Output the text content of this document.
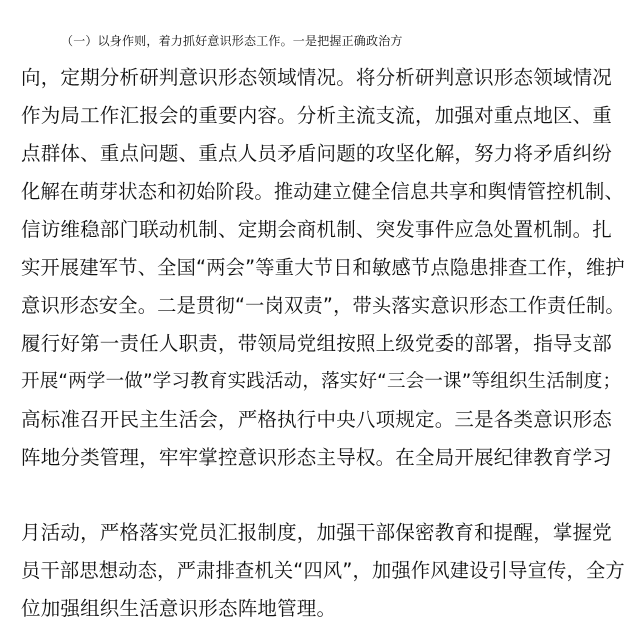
（一）以身作则，着力抓好意识形态工作。一是把握正确政治方
向，定期分析研判意识形态领域情况。将分析研判意识形态领域情况
作为局工作汇报会的重要内容。分析主流支流，加强对重点地区、重
点群体、重点问题、重点人员矛盾问题的攻坚化解，努力将矛盾纠纷
化解在萌芽状态和初始阶段。推动建立健全信息共享和舆情管控机制、
信访维稳部门联动机制、定期会商机制、突发事件应急处置机制。扎
实开展建军节、全国“两会”等重大节日和敏感节点隐患排查工作，维护
意识形态安全。二是贯彻“一岗双责”，带头落实意识形态工作责任制。
履行好第一责任人职责，带领局党组按照上级党委的部署，指导支部
开展“两学一做”学习教育实践活动，落实好“三会一课”等组织生活制度；
高标准召开民主生活会，严格执行中央八项规定。三是各类意识形态
阵地分类管理，牢牢掌控意识形态主导权。在全局开展纪律教育学习
月活动，严格落实党员汇报制度，加强干部保密教育和提醒，掌握党
员干部思想动态，严肃排查机关“四风”，加强作风建设引导宣传，全方
位加强组织生活意识形态阵地管理。
